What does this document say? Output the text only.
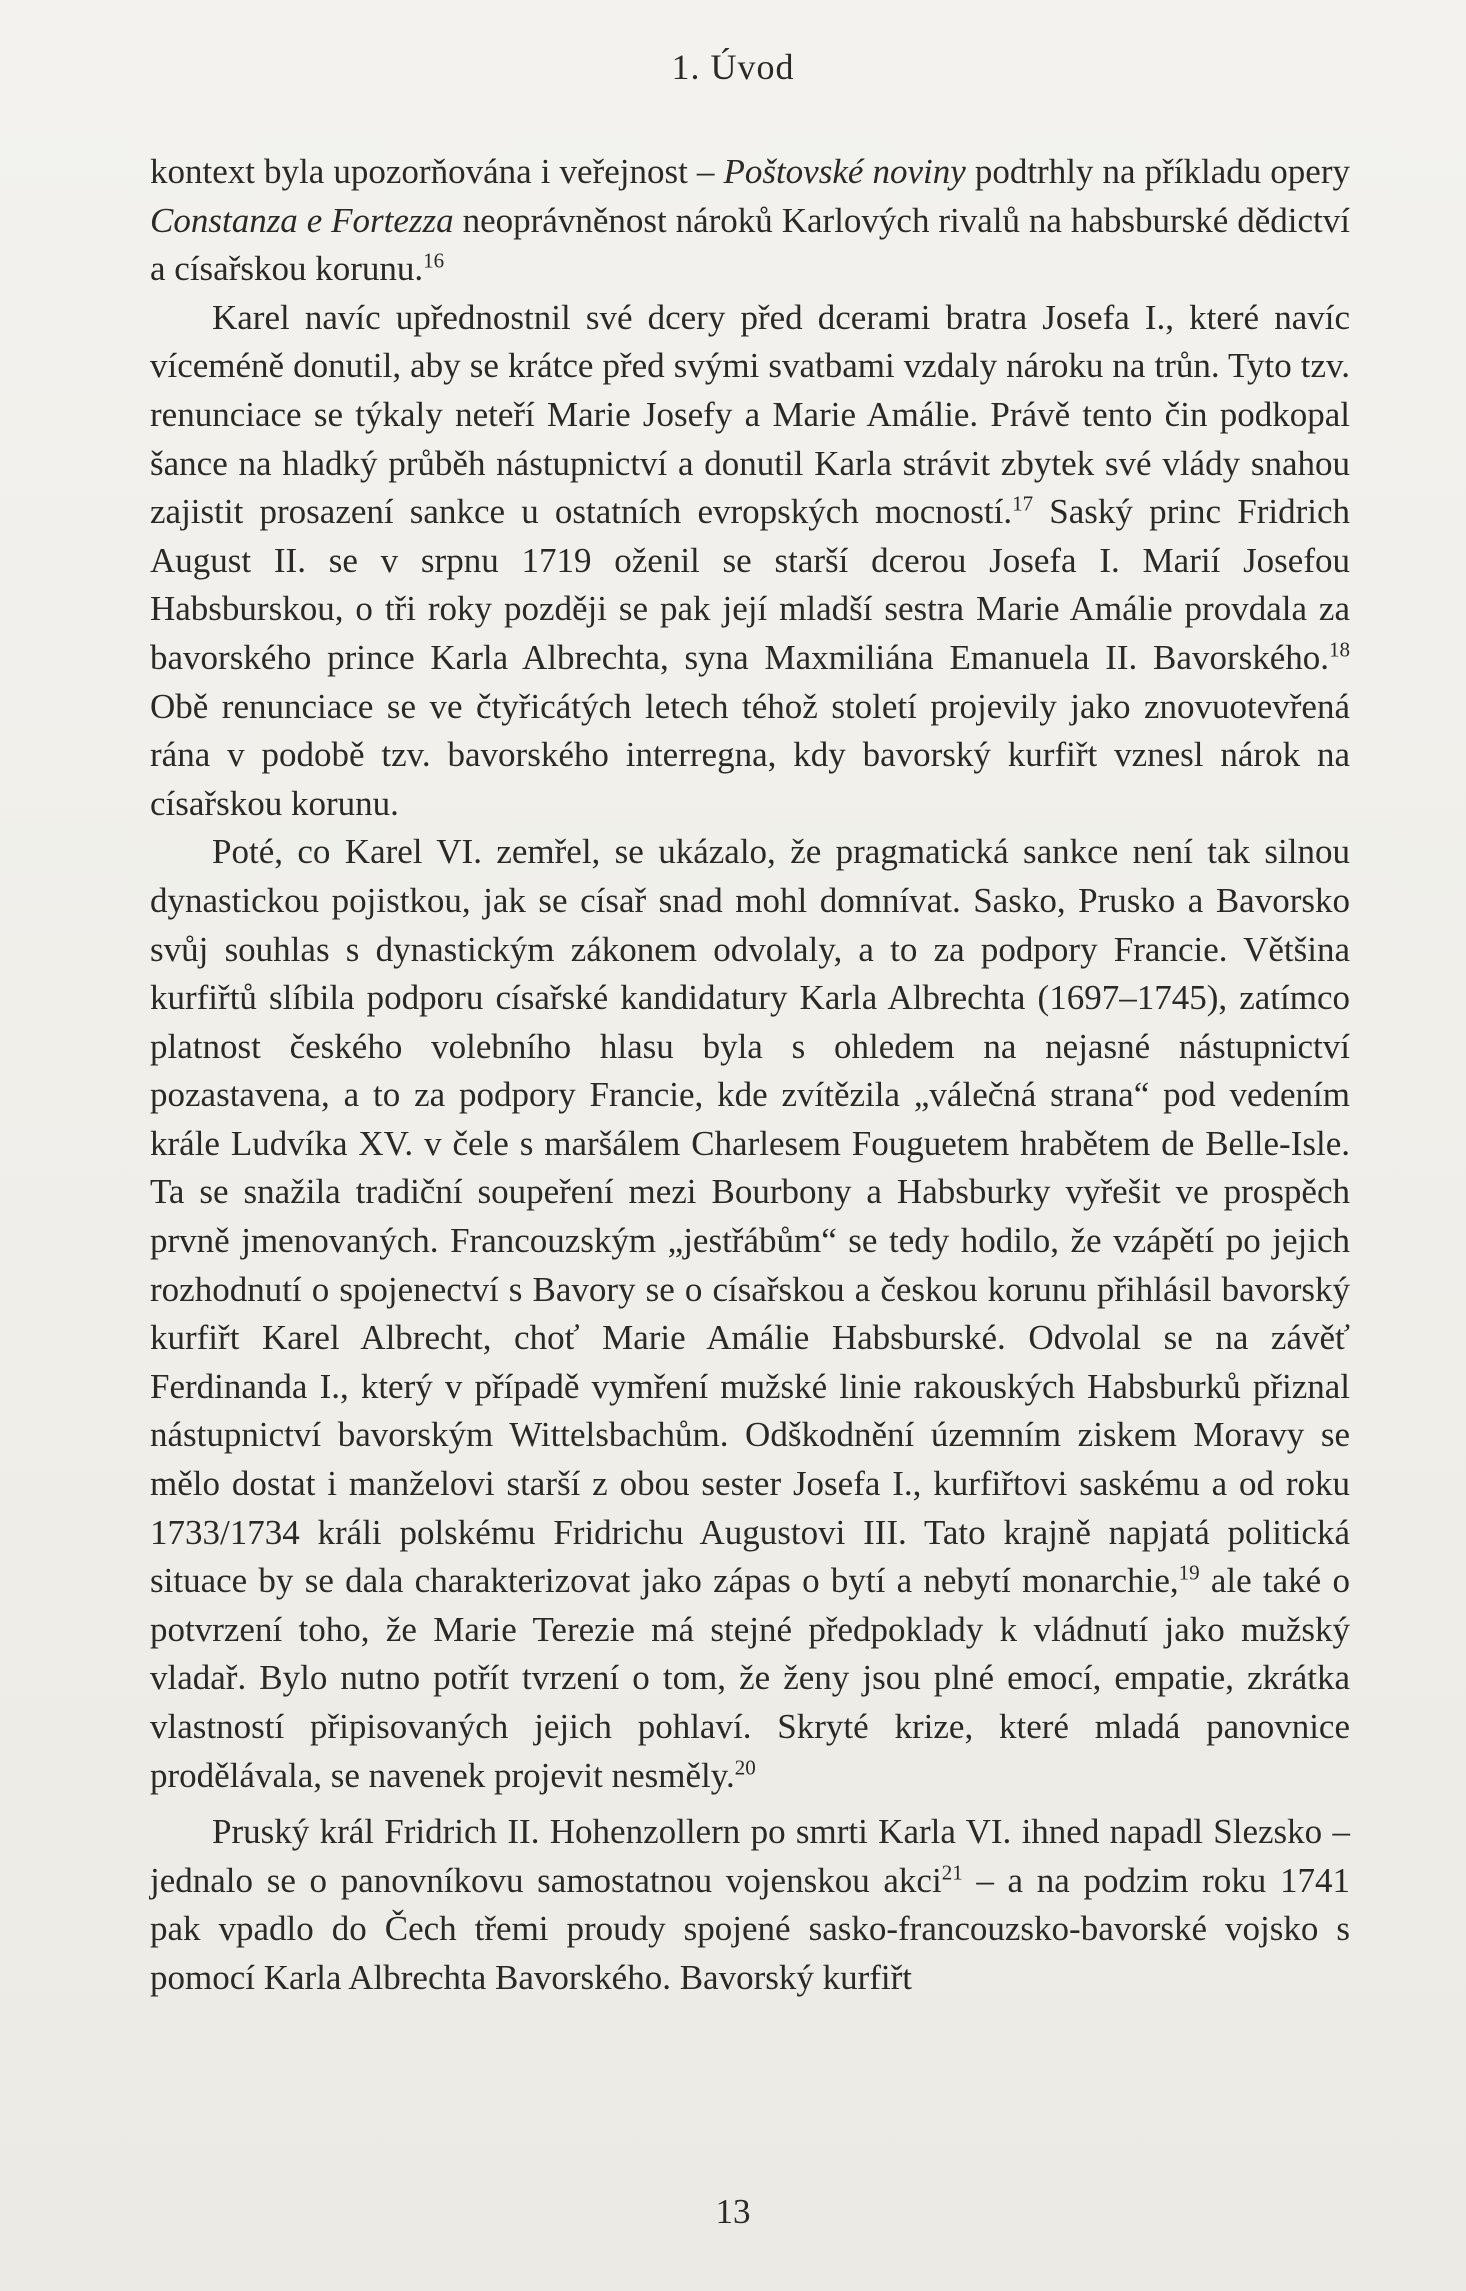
1. Úvod

kontext byla upozorňována i veřejnost – Poštovské noviny podtrhly na příkladu opery Constanza e Fortezza neoprávněnost nároků Karlových rivalů na habsburské dědictví a císařskou korunu.$^{16}$

Karel navíc upřednostnil své dcery před dcerami bratra Josefa I., které navíc víceméně donutil, aby se krátce před svými svatbami vzdaly nároku na trůn. Tyto tzv. renunciace se týkaly neteří Marie Josefy a Marie Amálie. Právě tento čin podkopal šance na hladký průběh nástupnictví a donutil Karla strávit zbytek své vlády snahou zajistit prosazení sankce u ostatních evropských mocností.$^{17}$ Saský princ Fridrich August II. se v srpnu 1719 oženil se starší dcerou Josefa I. Marií Josefou Habsburskou, o tři roky později se pak její mladší sestra Marie Amálie provdala za bavorského prince Karla Albrechta, syna Maxmiliána Emanuela II. Bavorského.$^{18}$ Obě renunciace se ve čtyřicátých letech téhož století projevily jako znovuotevřená rána v podobě tzv. bavorského interregna, kdy bavorský kurfiřt vznesl nárok na císařskou korunu.

Poté, co Karel VI. zemřel, se ukázalo, že pragmatická sankce není tak silnou dynastickou pojistkou, jak se císař snad mohl domnívat. Sasko, Prusko a Bavorsko svůj souhlas s dynastickým zákonem odvolaly, a to za podpory Francie. Většina kurfiřtů slíbila podporu císařské kandidatury Karla Albrechta (1697–1745), zatímco platnost českého volebního hlasu byla s ohledem na nejasné nástupnictví pozastavena, a to za podpory Francie, kde zvítězila „válečná strana“ pod vedením krále Ludvíka XV. v čele s maršálem Charlesem Fouguetem hrabětem de Belle-Isle. Ta se snažila tradiční soupeření mezi Bourbony a Habsburky vyřešit ve prospěch prvně jmenovaných. Francouzským „jestřábům“ se tedy hodilo, že vzápětí po jejich rozhodnutí o spojenectví s Bavory se o císařskou a českou korunu přihlásil bavorský kurfiřt Karel Albrecht, choť Marie Amálie Habsburské. Odvolal se na závěť Ferdinanda I., který v případě vymření mužské linie rakouských Habsburků přiznal nástupnictví bavorským Wittelsbachům. Odškodnění územním ziskem Moravy se mělo dostat i manželovi starší z obou sester Josefa I., kurfiřtovi saskému a od roku 1733/1734 králi polskému Fridrichu Augustovi III. Tato krajně napjatá politická situace by se dala charakterizovat jako zápas o bytí a nebytí monarchie,$^{19}$ ale také o potvrzení toho, že Marie Terezie má stejné předpoklady k vládnutí jako mužský vladař. Bylo nutno potřít tvrzení o tom, že ženy jsou plné emocí, empatie, zkrátka vlastností připisovaných jejich pohlaví. Skryté krize, které mladá panovnice prodělávala, se navenek projevit nesměly.$^{20}$

Pruský král Fridrich II. Hohenzollern po smrti Karla VI. ihned napadl Slezsko – jednalo se o panovníkovu samostatnou vojenskou akci$^{21}$ – a na podzim roku 1741 pak vpadlo do Čech třemi proudy spojené sasko-francouzsko-bavorské vojsko s pomocí Karla Albrechta Bavorského. Bavorský kurfiřt

13
